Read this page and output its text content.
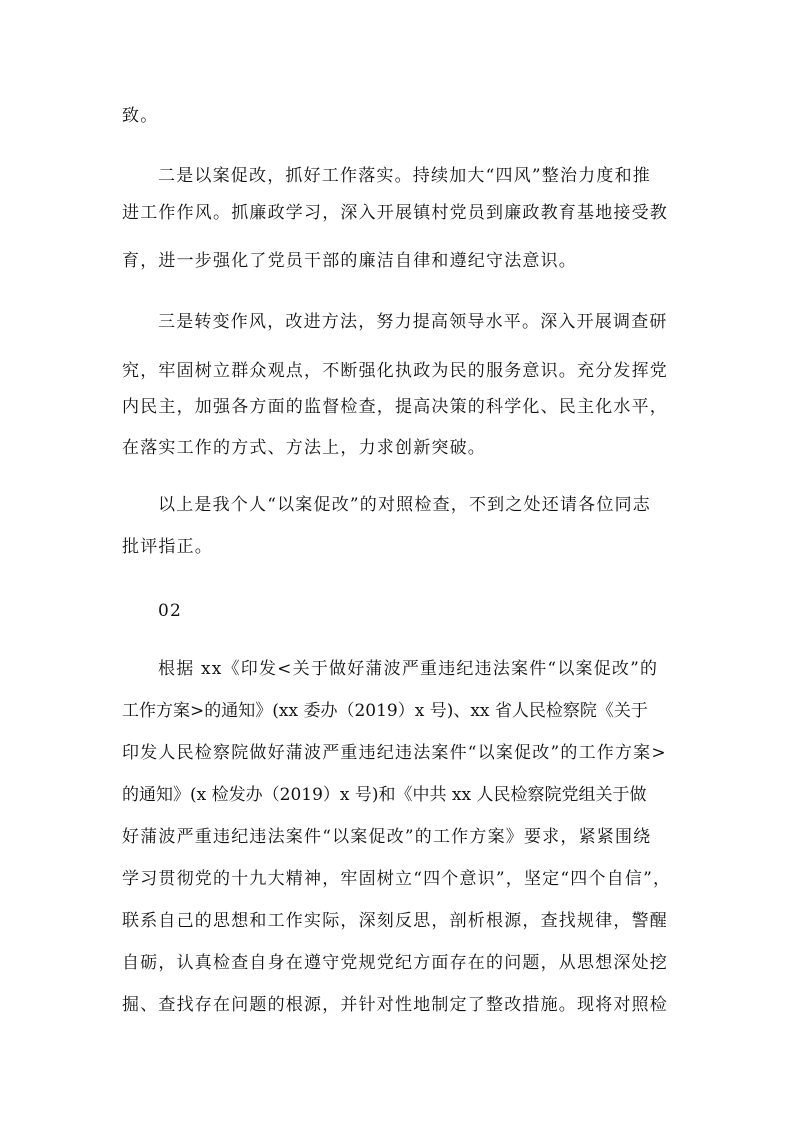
致。
二是以案促改，抓好工作落实。持续加大“四风”整治力度和推
进工作作风。抓廉政学习，深入开展镇村党员到廉政教育基地接受教
育，进一步强化了党员干部的廉洁自律和遵纪守法意识。
三是转变作风，改进方法，努力提高领导水平。深入开展调查研
究，牢固树立群众观点，不断强化执政为民的服务意识。充分发挥党
内民主，加强各方面的监督检查，提高决策的科学化、民主化水平，
在落实工作的方式、方法上，力求创新突破。
以上是我个人“以案促改”的对照检查，不到之处还请各位同志
批评指正。
02
根据 xx《印发<关于做好蒲波严重违纪违法案件“以案促改”的
工作方案>的通知》(xx 委办（2019）x 号)、xx 省人民检察院《关于
印发人民检察院做好蒲波严重违纪违法案件“以案促改”的工作方案>
的通知》(x 检发办（2019）x 号)和《中共 xx 人民检察院党组关于做
好蒲波严重违纪违法案件“以案促改”的工作方案》要求，紧紧围绕
学习贯彻党的十九大精神，牢固树立“四个意识”，坚定“四个自信”，
联系自己的思想和工作实际，深刻反思，剖析根源，查找规律，警醒
自砺，认真检查自身在遵守党规党纪方面存在的问题，从思想深处挖
掘、查找存在问题的根源，并针对性地制定了整改措施。现将对照检
